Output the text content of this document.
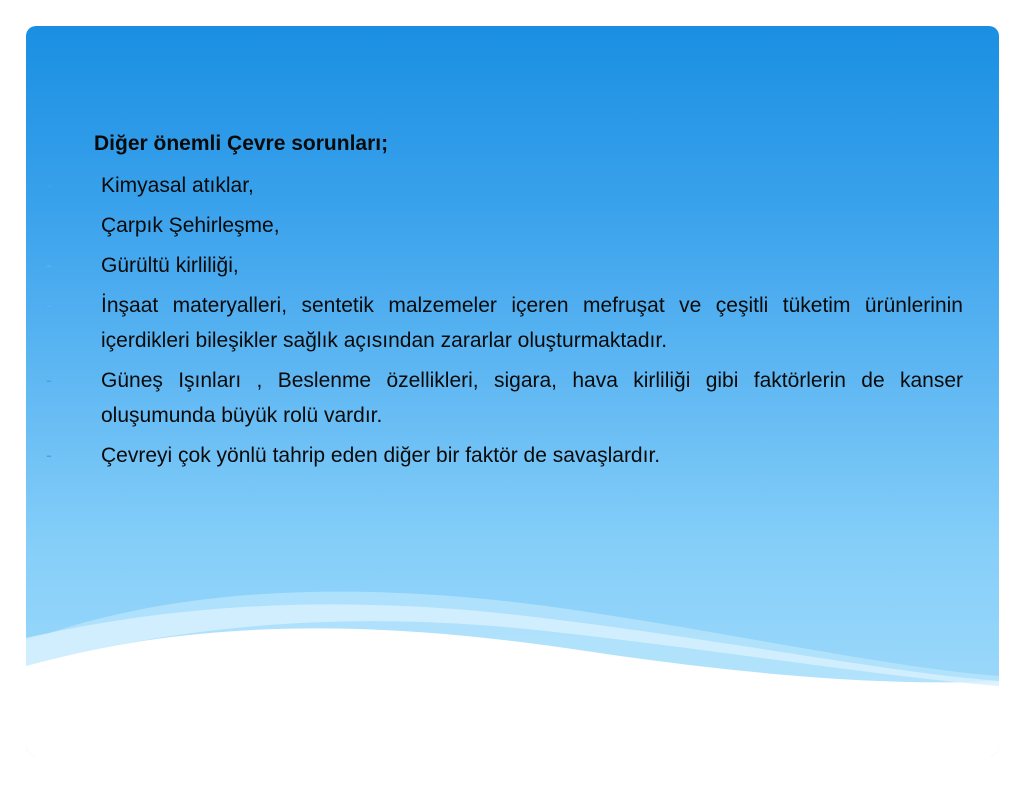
Diğer önemli Çevre sorunları;

- Kimyasal atıklar,
- Çarpık Şehirleşme,
- Gürültü kirliliği,
- İnşaat materyalleri, sentetik malzemeler içeren mefruşat ve çeşitli tüketim ürünlerinin içerdikleri bileşikler sağlık açısından zararlar oluşturmaktadır.
- Güneş Işınları , Beslenme özellikleri, sigara, hava kirliliği gibi faktörlerin de kanser oluşumunda büyük rolü vardır.
- Çevreyi çok yönlü tahrip eden diğer bir faktör de savaşlardır.
